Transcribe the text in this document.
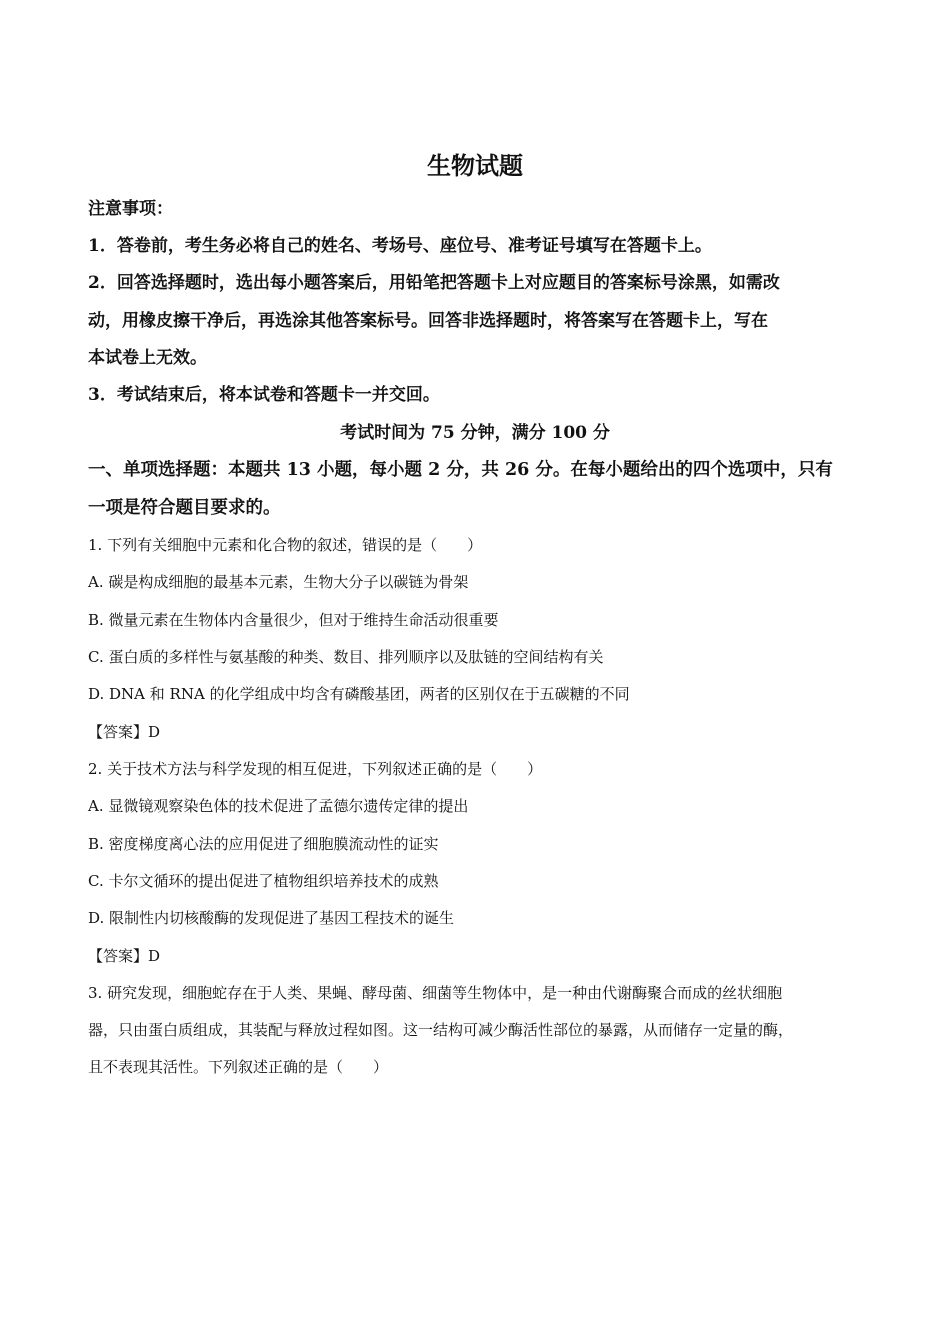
生物试题
注意事项：
1．答卷前，考生务必将自己的姓名、考场号、座位号、准考证号填写在答题卡上。
2．回答选择题时，选出每小题答案后，用铅笔把答题卡上对应题目的答案标号涂黑，如需改
动，用橡皮擦干净后，再选涂其他答案标号。回答非选择题时，将答案写在答题卡上，写在
本试卷上无效。
3．考试结束后，将本试卷和答题卡一并交回。
考试时间为 75 分钟，满分 100 分
一、单项选择题：本题共 13 小题，每小题 2 分，共 26 分。在每小题给出的四个选项中，只有
一项是符合题目要求的。
1. 下列有关细胞中元素和化合物的叙述，错误的是（　　）
A. 碳是构成细胞的最基本元素，生物大分子以碳链为骨架
B. 微量元素在生物体内含量很少，但对于维持生命活动很重要
C. 蛋白质的多样性与氨基酸的种类、数目、排列顺序以及肽链的空间结构有关
D. DNA 和 RNA 的化学组成中均含有磷酸基团，两者的区别仅在于五碳糖的不同
【答案】D
2. 关于技术方法与科学发现的相互促进，下列叙述正确的是（　　）
A. 显微镜观察染色体的技术促进了孟德尔遗传定律的提出
B. 密度梯度离心法的应用促进了细胞膜流动性的证实
C. 卡尔文循环的提出促进了植物组织培养技术的成熟
D. 限制性内切核酸酶的发现促进了基因工程技术的诞生
【答案】D
3. 研究发现，细胞蛇存在于人类、果蝇、酵母菌、细菌等生物体中，是一种由代谢酶聚合而成的丝状细胞
器，只由蛋白质组成，其装配与释放过程如图。这一结构可减少酶活性部位的暴露，从而储存一定量的酶，
且不表现其活性。下列叙述正确的是（　　）
